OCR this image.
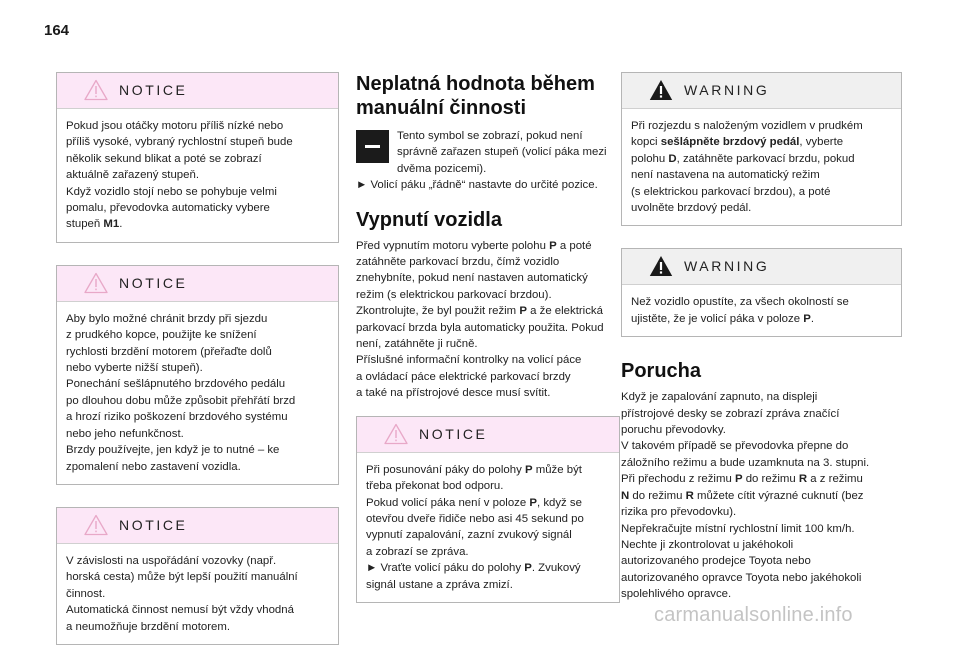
164
NOTICE

Pokud jsou otáčky motoru příliš nízké nebo

příliš vysoké, vybraný rychlostní stupeň bude

několik sekund blikat a poté se zobrazí

aktuálně zařazený stupeň.

Když vozidlo stojí nebo se pohybuje velmi

pomalu, převodovka automaticky vybere

stupeň M1.

NOTICE

Aby bylo možné chránit brzdy při sjezdu

z prudkého kopce, použijte ke snížení

rychlosti brzdění motorem (přeřaďte dolů

nebo vyberte nižší stupeň).

Ponechání sešlápnutého brzdového pedálu

po dlouhou dobu může způsobit přehřátí brzd

a hrozí riziko poškození brzdového systému

nebo jeho nefunkčnost.

Brzdy používejte, jen když je to nutné – ke

zpomalení nebo zastavení vozidla.

NOTICE

V závislosti na uspořádání vozovky (např.

horská cesta) může být lepší použití manuální

činnost.

Automatická činnost nemusí být vždy vhodná

a neumožňuje brzdění motorem.

Neplatná hodnota během
manuální činnosti

Tento symbol se zobrazí, pokud není

správně zařazen stupeň (volicí páka mezi

dvěma pozicemi).

► Volicí páku „řádně“ nastavte do určité pozice.

Vypnutí vozidla

Před vypnutím motoru vyberte polohu P a poté

zatáhněte parkovací brzdu, čímž vozidlo

znehybníte, pokud není nastaven automatický

režim (s elektrickou parkovací brzdou).

Zkontrolujte, že byl použit režim P a že elektrická

parkovací brzda byla automaticky použita. Pokud

není, zatáhněte ji ručně.

Příslušné informační kontrolky na volicí páce

a ovládací páce elektrické parkovací brzdy

a také na přístrojové desce musí svítit.

NOTICE

Při posunování páky do polohy P může být

třeba překonat bod odporu.

Pokud volicí páka není v poloze P, když se

otevřou dveře řidiče nebo asi 45 sekund po

vypnutí zapalování, zazní zvukový signál

a zobrazí se zpráva.

► Vraťte volicí páku do polohy P. Zvukový

signál ustane a zpráva zmizí.

WARNING

Při rozjezdu s naloženým vozidlem v prudkém

kopci sešlápněte brzdový pedál, vyberte

polohu D, zatáhněte parkovací brzdu, pokud

není nastavena na automatický režim

(s elektrickou parkovací brzdou), a poté

uvolněte brzdový pedál.

WARNING

Než vozidlo opustíte, za všech okolností se

ujistěte, že je volicí páka v poloze P.

Porucha

Když je zapalování zapnuto, na displeji

přístrojové desky se zobrazí zpráva značící

poruchu převodovky.

V takovém případě se převodovka přepne do

záložního režimu a bude uzamknuta na 3. stupni.

Při přechodu z režimu P do režimu R a z režimu

N do režimu R můžete cítit výrazné cuknutí (bez

rizika pro převodovku).

Nepřekračujte místní rychlostní limit 100 km/h.

Nechte ji zkontrolovat u jakéhokoli

autorizovaného prodejce Toyota nebo

autorizovaného opravce Toyota nebo jakéhokoli

spolehlivého opravce.

carmanualsonline.info
